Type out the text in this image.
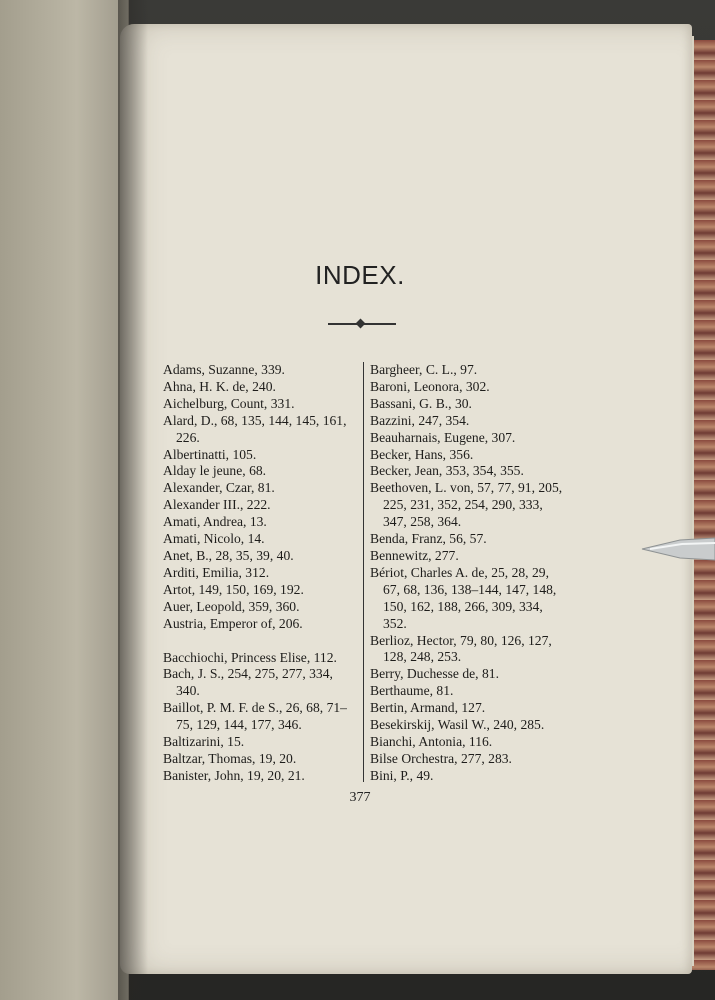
INDEX.
Adams, Suzanne, 339.
Ahna, H. K. de, 240.
Aichelburg, Count, 331.
Alard, D., 68, 135, 144, 145, 161, 226.
Albertinatti, 105.
Alday le jeune, 68.
Alexander, Czar, 81.
Alexander III., 222.
Amati, Andrea, 13.
Amati, Nicolo, 14.
Anet, B., 28, 35, 39, 40.
Arditi, Emilia, 312.
Artot, 149, 150, 169, 192.
Auer, Leopold, 359, 360.
Austria, Emperor of, 206.
Bacchiochi, Princess Elise, 112.
Bach, J. S., 254, 275, 277, 334, 340.
Baillot, P. M. F. de S., 26, 68, 71–75, 129, 144, 177, 346.
Baltizarini, 15.
Baltzar, Thomas, 19, 20.
Banister, John, 19, 20, 21.
Bargheer, C. L., 97.
Baroni, Leonora, 302.
Bassani, G. B., 30.
Bazzini, 247, 354.
Beauharnais, Eugene, 307.
Becker, Hans, 356.
Becker, Jean, 353, 354, 355.
Beethoven, L. von, 57, 77, 91, 205, 225, 231, 352, 254, 290, 333, 347, 258, 364.
Benda, Franz, 56, 57.
Bennewitz, 277.
Bériot, Charles A. de, 25, 28, 29, 67, 68, 136, 138–144, 147, 148, 150, 162, 188, 266, 309, 334, 352.
Berlioz, Hector, 79, 80, 126, 127, 128, 248, 253.
Berry, Duchesse de, 81.
Berthaume, 81.
Bertin, Armand, 127.
Besekirskij, Wasil W., 240, 285.
Bianchi, Antonia, 116.
Bilse Orchestra, 277, 283.
Bini, P., 49.
377
